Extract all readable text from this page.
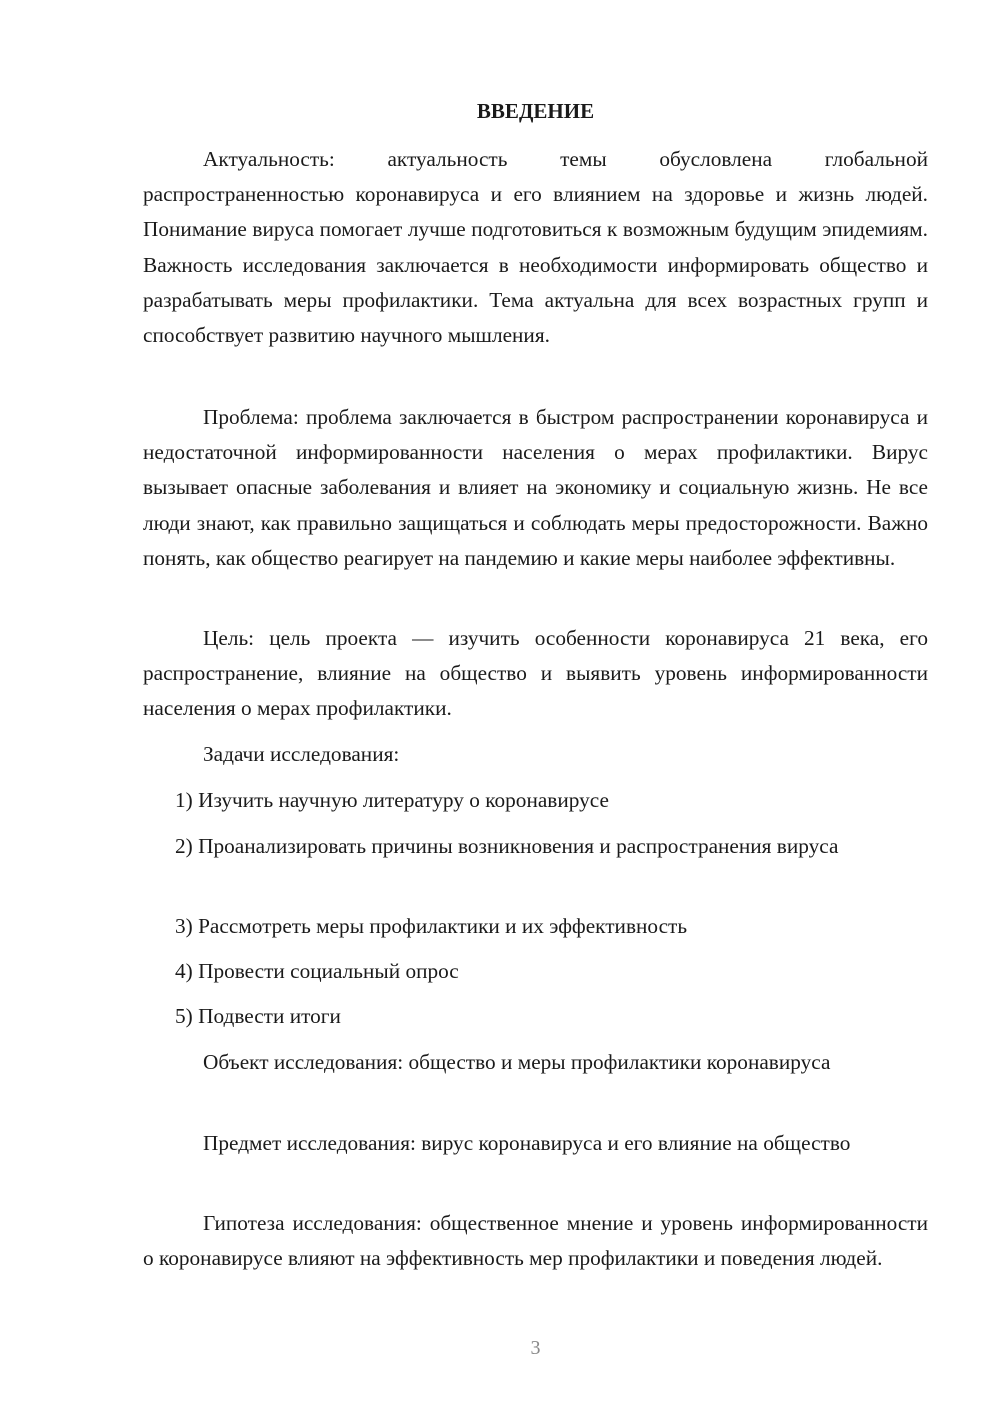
ВВЕДЕНИЕ

Актуальность: актуальность темы обусловлена глобальной распространенностью коронавируса и его влиянием на здоровье и жизнь людей. Понимание вируса помогает лучше подготовиться к возможным будущим эпидемиям. Важность исследования заключается в необходимости информировать общество и разрабатывать меры профилактики. Тема актуальна для всех возрастных групп и способствует развитию научного мышления.

Проблема: проблема заключается в быстром распространении коронавируса и недостаточной информированности населения о мерах профилактики. Вирус вызывает опасные заболевания и влияет на экономику и социальную жизнь. Не все люди знают, как правильно защищаться и соблюдать меры предосторожности. Важно понять, как общество реагирует на пандемию и какие меры наиболее эффективны.

Цель: цель проекта — изучить особенности коронавируса 21 века, его распространение, влияние на общество и выявить уровень информированности населения о мерах профилактики.

Задачи исследования:

1) Изучить научную литературу о коронавирусе

2) Проанализировать причины возникновения и распространения вируса

3) Рассмотреть меры профилактики и их эффективность

4) Провести социальный опрос

5) Подвести итоги

Объект исследования: общество и меры профилактики коронавируса

Предмет исследования: вирус коронавируса и его влияние на общество

Гипотеза исследования: общественное мнение и уровень информированности о коронавирусе влияют на эффективность мер профилактики и поведения людей.

3
